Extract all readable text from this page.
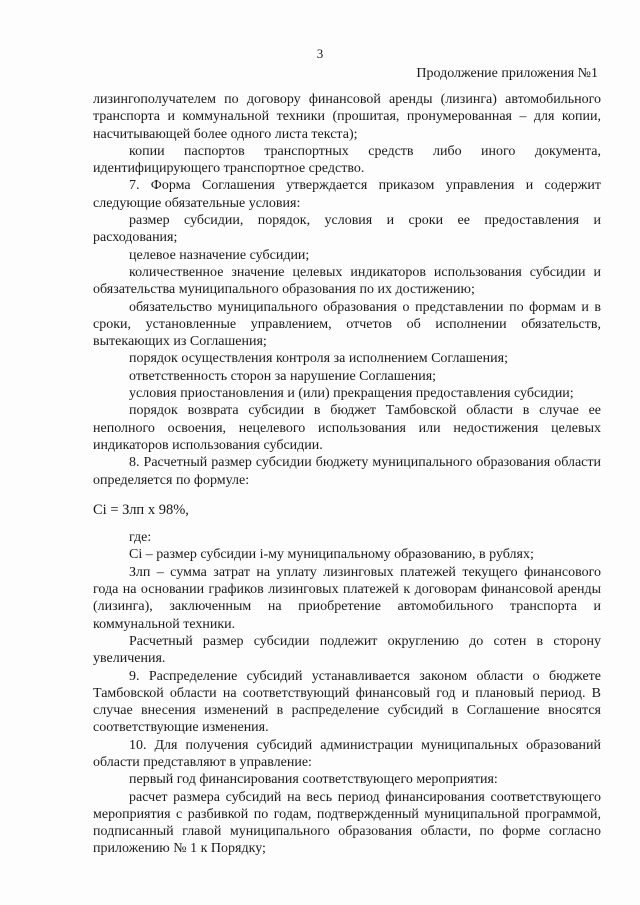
3
Продолжение приложения №1

лизингополучателем по договору финансовой аренды (лизинга) автомобильного транспорта и коммунальной техники (прошитая, пронумерованная – для копии, насчитывающей более одного листа текста);

копии паспортов транспортных средств либо иного документа, идентифицирующего транспортное средство.

7. Форма Соглашения утверждается приказом управления и содержит следующие обязательные условия:

размер субсидии, порядок, условия и сроки ее предоставления и расходования;

целевое назначение субсидии;

количественное значение целевых индикаторов использования субсидии и обязательства муниципального образования по их достижению;

обязательство муниципального образования о представлении по формам и в сроки, установленные управлением, отчетов об исполнении обязательств, вытекающих из Соглашения;

порядок осуществления контроля за исполнением Соглашения;

ответственность сторон за нарушение Соглашения;

условия приостановления и (или) прекращения предоставления субсидии;

порядок возврата субсидии в бюджет Тамбовской области в случае ее неполного освоения, нецелевого использования или недостижения целевых индикаторов использования субсидии.

8. Расчетный размер субсидии бюджету муниципального образования области определяется по формуле:

Сi = Злп х 98%,

где:

Сi – размер субсидии i-му муниципальному образованию, в рублях;

Злп – сумма затрат на уплату лизинговых платежей текущего финансового года на основании графиков лизинговых платежей к договорам финансовой аренды (лизинга), заключенным на приобретение автомобильного транспорта и коммунальной техники.

Расчетный размер субсидии подлежит округлению до сотен в сторону увеличения.

9. Распределение субсидий устанавливается законом области о бюджете Тамбовской области на соответствующий финансовый год и плановый период. В случае внесения изменений в распределение субсидий в Соглашение вносятся соответствующие изменения.

10. Для получения субсидий администрации муниципальных образований области представляют в управление:

первый год финансирования соответствующего мероприятия:

расчет размера субсидий на весь период финансирования соответствующего мероприятия с разбивкой по годам, подтвержденный муниципальной программой, подписанный главой муниципального образования области, по форме согласно приложению № 1 к Порядку;
